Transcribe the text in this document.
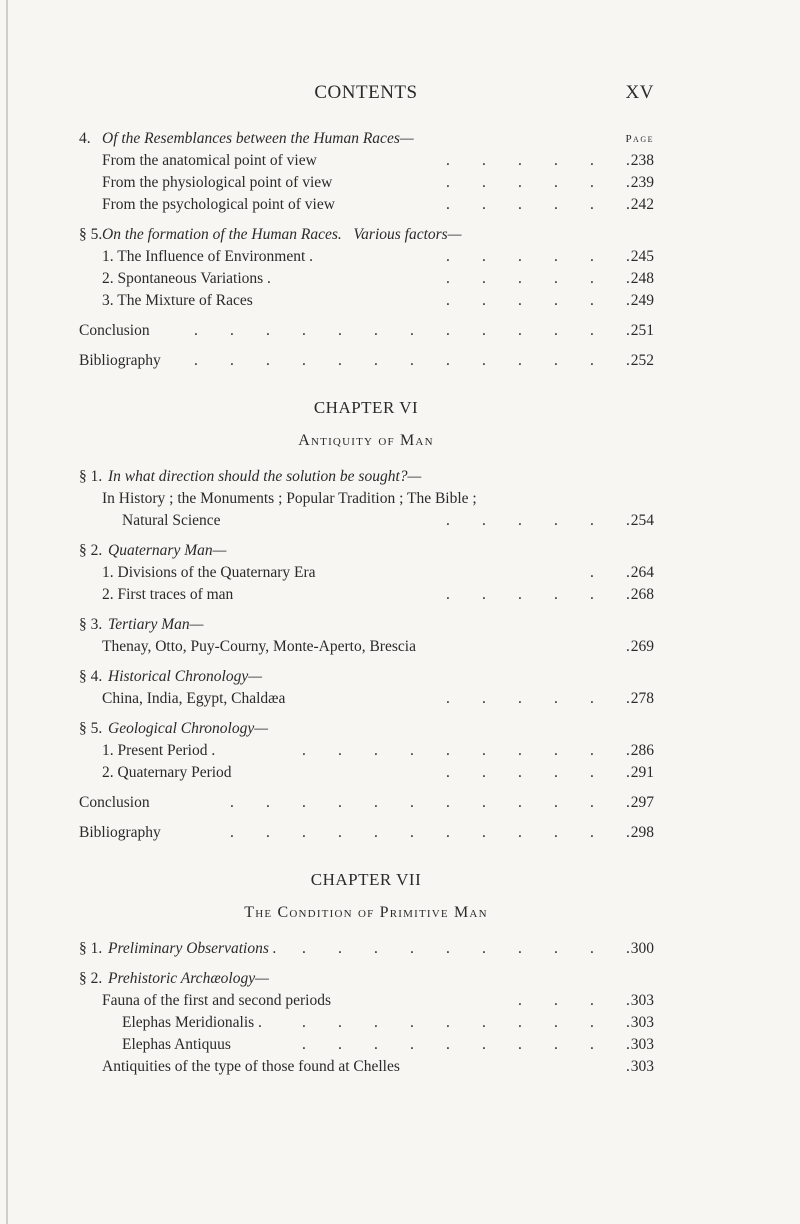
CONTENTS	XV
4. Of the Resemblances between the Human Races—	Page
From the anatomical point of view	238
.
.
.
.
.
.
From the physiological point of view	239
.
.
.
.
.
.
From the psychological point of view	242
.
.
.
.
.
.
§ 5. On the formation of the Human Races.   Various factors—
1. The Influence of Environment .	245
.
.
.
.
.
.
2. Spontaneous Variations .	248
.
.
.
.
.
.
3. The Mixture of Races	249
.
.
.
.
.
.
Conclusion	251
.
.
.
.
.
.
.
.
.
.
.
.
.
Bibliography	252
.
.
.
.
.
.
.
.
.
.
.
.
.
CHAPTER VI
Antiquity of Man
§ 1. In what direction should the solution be sought?—
In History ; the Monuments ; Popular Tradition ; The Bible ;
Natural Science	254
.
.
.
.
.
.
§ 2. Quaternary Man—
1. Divisions of the Quaternary Era	264
.
.
2. First traces of man	268
.
.
.
.
.
.
§ 3. Tertiary Man—
Thenay, Otto, Puy-Courny, Monte-Aperto, Brescia	269
.
§ 4. Historical Chronology—
China, India, Egypt, Chaldæa	278
.
.
.
.
.
.
§ 5. Geological Chronology—
1. Present Period .	286
.
.
.
.
.
.
.
.
.
.
2. Quaternary Period	291
.
.
.
.
.
.
Conclusion	297
.
.
.
.
.
.
.
.
.
.
.
.
Bibliography	298
.
.
.
.
.
.
.
.
.
.
.
.
CHAPTER VII
The Condition of Primitive Man
§ 1. Preliminary Observations .	300
.
.
.
.
.
.
.
.
.
.
§ 2. Prehistoric Archæology—
Fauna of the first and second periods	303
.
.
.
.
Elephas Meridionalis .	303
.
.
.
.
.
.
.
.
.
.
Elephas Antiquus	303
.
.
.
.
.
.
.
.
.
.
Antiquities of the type of those found at Chelles	303
.
